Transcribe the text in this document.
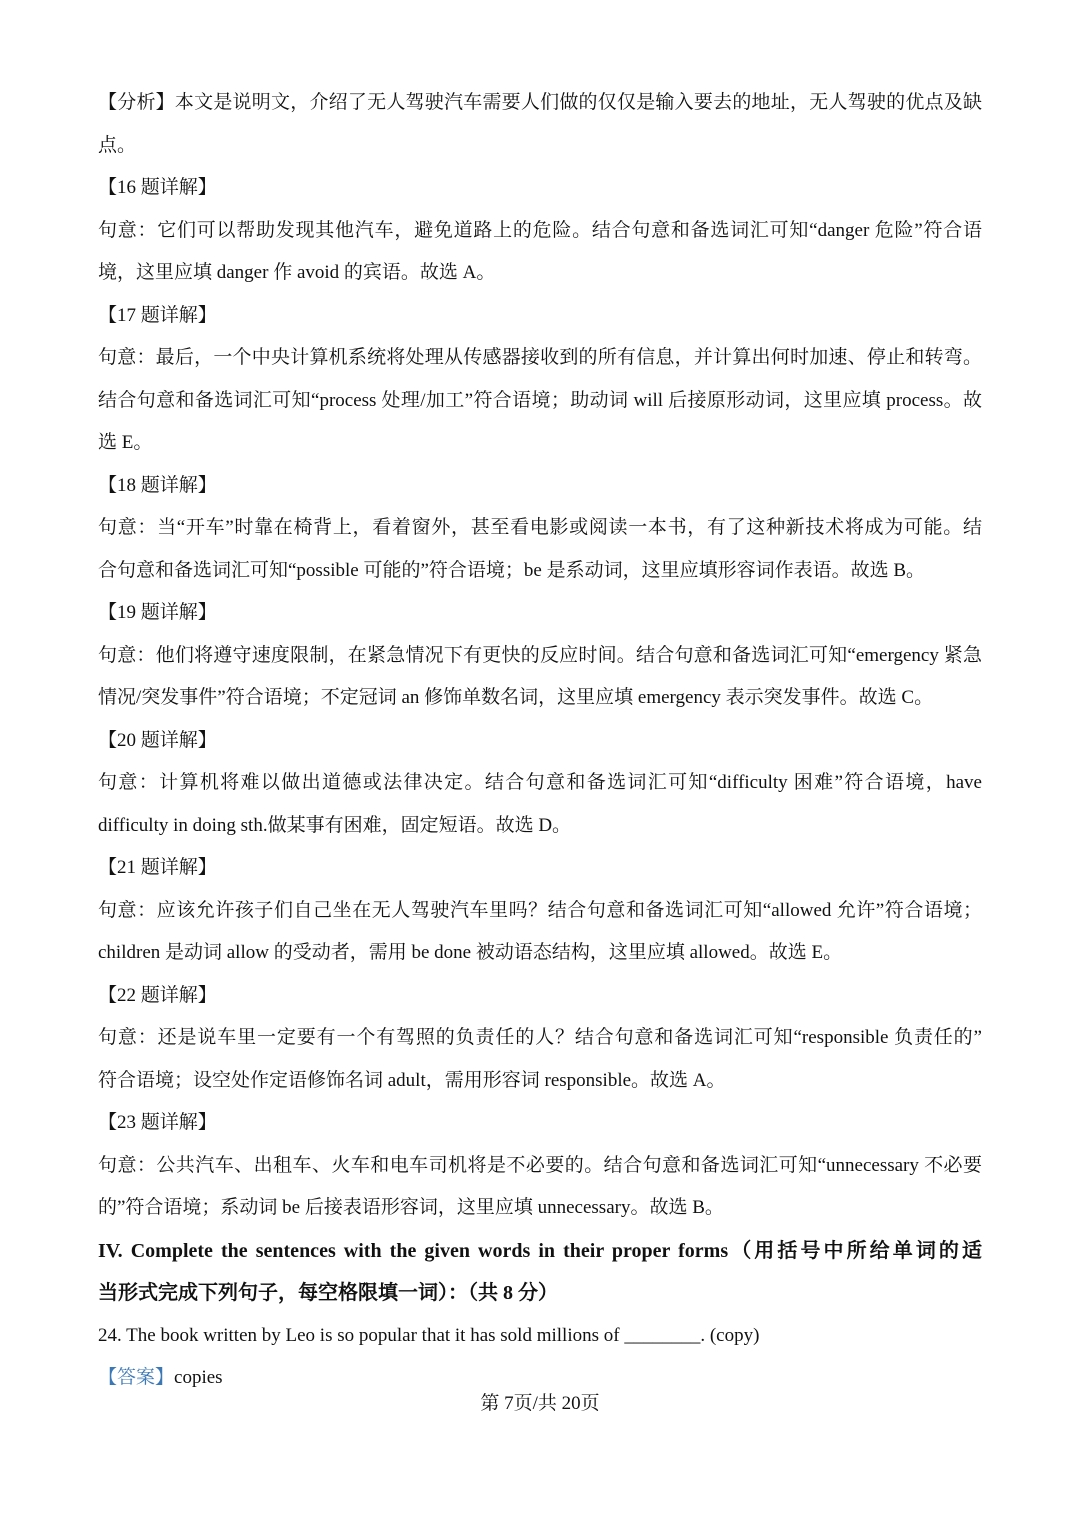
【分析】本文是说明文，介绍了无人驾驶汽车需要人们做的仅仅是输入要去的地址，无人驾驶的优点及缺
点。
【16 题详解】
句意：它们可以帮助发现其他汽车，避免道路上的危险。结合句意和备选词汇可知“danger 危险”符合语
境，这里应填 danger 作 avoid 的宾语。故选 A。
【17 题详解】
句意：最后，一个中央计算机系统将处理从传感器接收到的所有信息，并计算出何时加速、停止和转弯。
结合句意和备选词汇可知“process 处理/加工”符合语境；助动词 will 后接原形动词，这里应填 process。故
选 E。
【18 题详解】
句意：当“开车”时靠在椅背上，看着窗外，甚至看电影或阅读一本书，有了这种新技术将成为可能。结
合句意和备选词汇可知“possible 可能的”符合语境；be 是系动词，这里应填形容词作表语。故选 B。
【19 题详解】
句意：他们将遵守速度限制，在紧急情况下有更快的反应时间。结合句意和备选词汇可知“emergency 紧急
情况/突发事件”符合语境；不定冠词 an 修饰单数名词，这里应填 emergency 表示突发事件。故选 C。
【20 题详解】
句意：计算机将难以做出道德或法律决定。结合句意和备选词汇可知“difficulty 困难”符合语境，have
difficulty in doing sth.做某事有困难，固定短语。故选 D。
【21 题详解】
句意：应该允许孩子们自己坐在无人驾驶汽车里吗？结合句意和备选词汇可知“allowed 允许”符合语境；
children 是动词 allow 的受动者，需用 be done 被动语态结构，这里应填 allowed。故选 E。
【22 题详解】
句意：还是说车里一定要有一个有驾照的负责任的人？结合句意和备选词汇可知“responsible 负责任的”
符合语境；设空处作定语修饰名词 adult，需用形容词 responsible。故选 A。
【23 题详解】
句意：公共汽车、出租车、火车和电车司机将是不必要的。结合句意和备选词汇可知“unnecessary 不必要
的”符合语境；系动词 be 后接表语形容词，这里应填 unnecessary。故选 B。
IV. Complete the sentences with the given words in their proper forms（用括号中所给单词的适
当形式完成下列句子，每空格限填一词）：（共 8 分）
24. The book written by Leo is so popular that it has sold millions of ________. (copy)
【答案】copies
第 7页/共 20页
